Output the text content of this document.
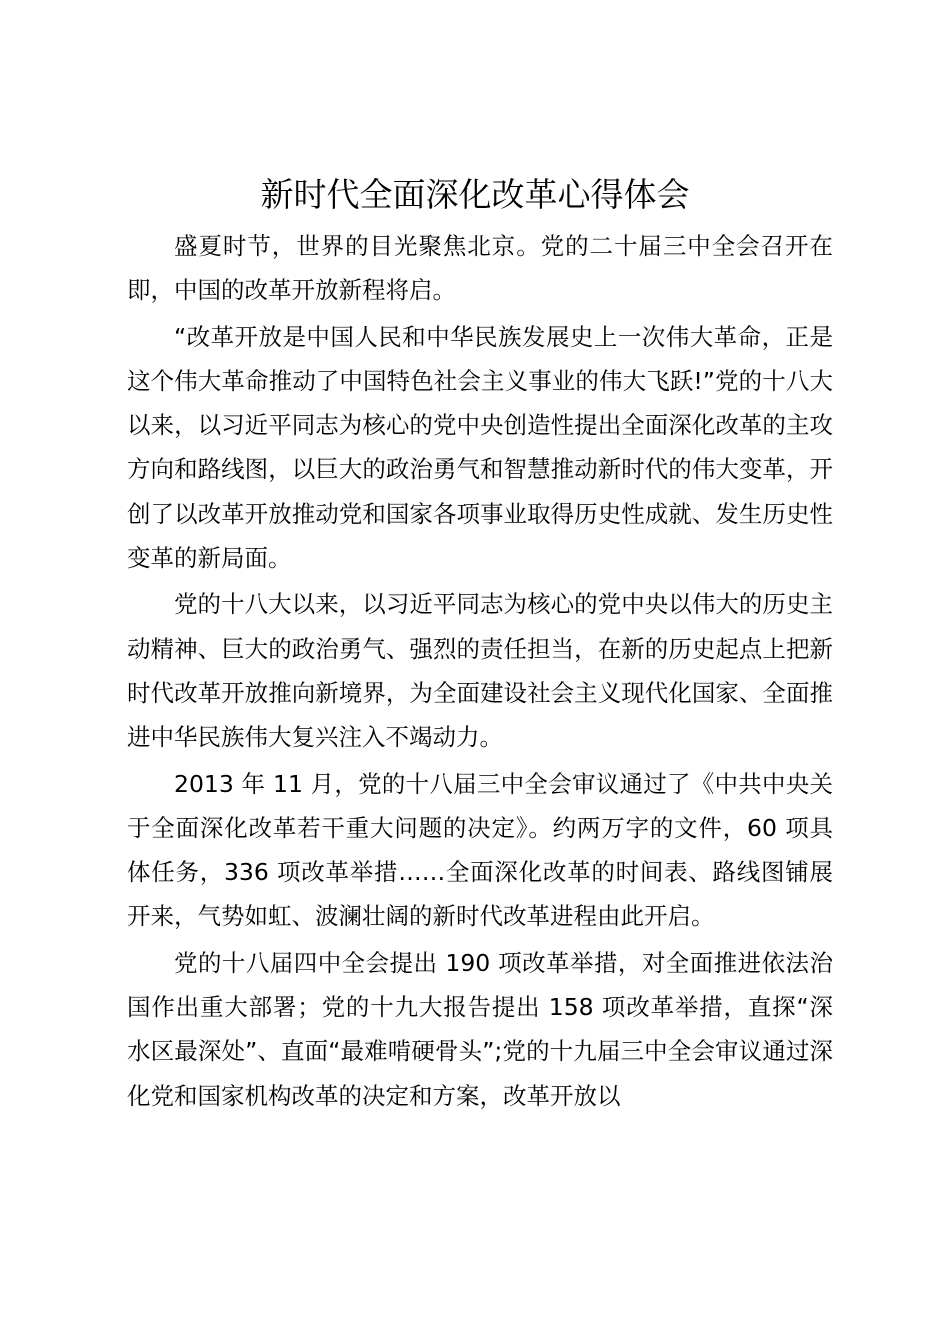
新时代全面深化改革心得体会

盛夏时节，世界的目光聚焦北京。党的二十届三中全会召开在即，中国的改革开放新程将启。

“改革开放是中国人民和中华民族发展史上一次伟大革命，正是这个伟大革命推动了中国特色社会主义事业的伟大飞跃!”党的十八大以来，以习近平同志为核心的党中央创造性提出全面深化改革的主攻方向和路线图，以巨大的政治勇气和智慧推动新时代的伟大变革，开创了以改革开放推动党和国家各项事业取得历史性成就、发生历史性变革的新局面。

党的十八大以来，以习近平同志为核心的党中央以伟大的历史主动精神、巨大的政治勇气、强烈的责任担当，在新的历史起点上把新时代改革开放推向新境界，为全面建设社会主义现代化国家、全面推进中华民族伟大复兴注入不竭动力。

2013 年 11 月，党的十八届三中全会审议通过了《中共中央关于全面深化改革若干重大问题的决定》。约两万字的文件，60 项具体任务，336 项改革举措……全面深化改革的时间表、路线图铺展开来，气势如虹、波澜壮阔的新时代改革进程由此开启。

党的十八届四中全会提出 190 项改革举措，对全面推进依法治国作出重大部署；党的十九大报告提出 158 项改革举措，直探“深水区最深处”、直面“最难啃硬骨头”;党的十九届三中全会审议通过深化党和国家机构改革的决定和方案，改革开放以
